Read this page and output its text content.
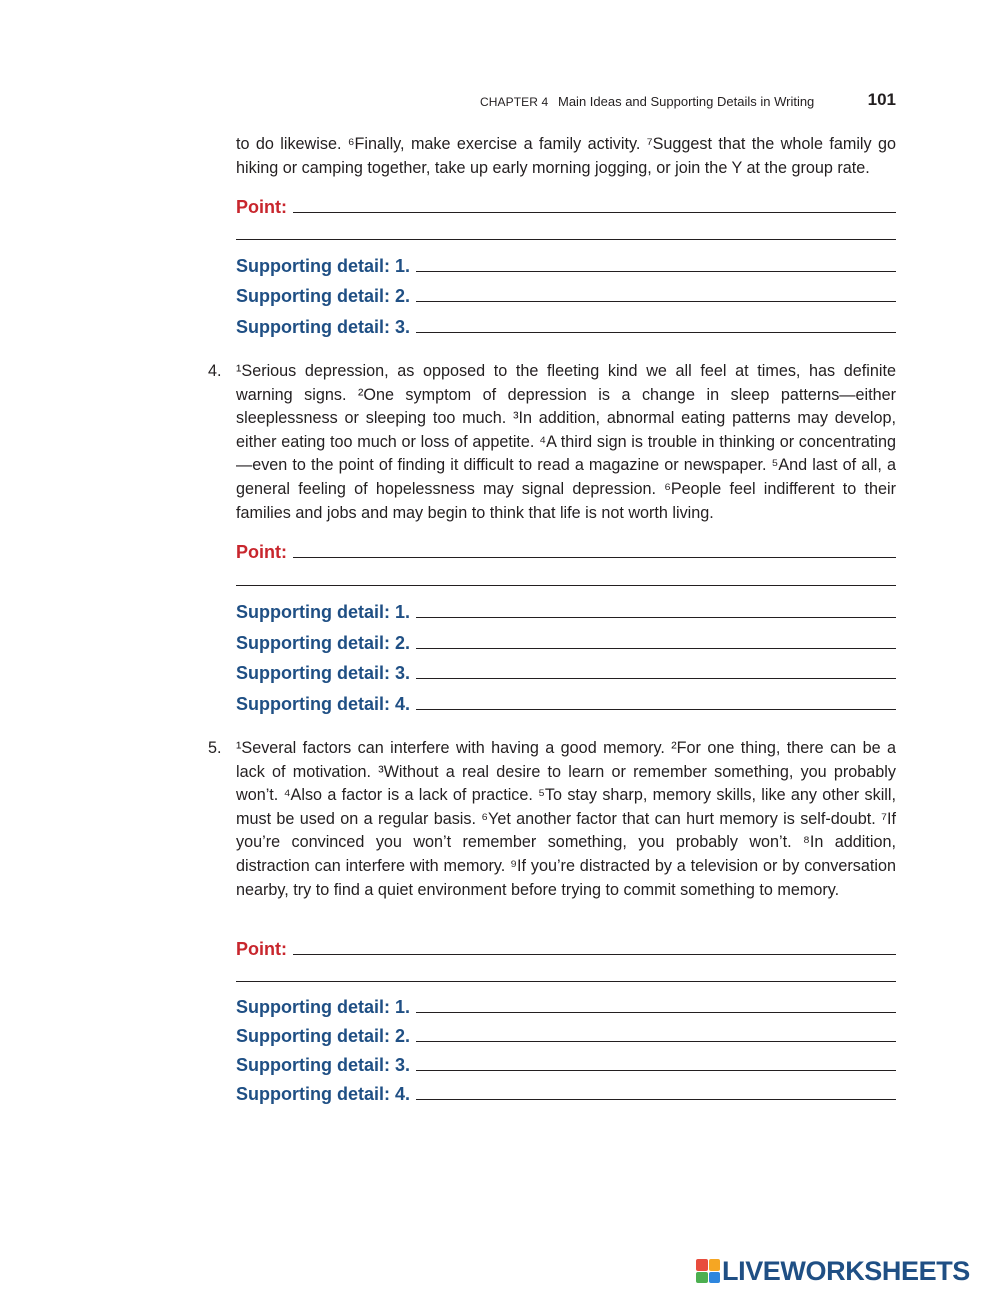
CHAPTER 4 Main Ideas and Supporting Details in Writing	101

to do likewise. ⁶Finally, make exercise a family activity. ⁷Suggest that the whole family go hiking or camping together, take up early morning jogging, or join the Y at the group rate.

Point:
Supporting detail: 1.
Supporting detail: 2.
Supporting detail: 3.
4. ¹Serious depression, as opposed to the fleeting kind we all feel at times, has definite warning signs. ²One symptom of depression is a change in sleep patterns—either sleeplessness or sleeping too much. ³In addition, abnormal eating patterns may develop, either eating too much or loss of appetite. ⁴A third sign is trouble in thinking or concentrating—even to the point of finding it difficult to read a magazine or newspaper. ⁵And last of all, a general feeling of hopelessness may signal depression. ⁶People feel indifferent to their families and jobs and may begin to think that life is not worth living.

Point:
Supporting detail: 1.
Supporting detail: 2.
Supporting detail: 3.
Supporting detail: 4.
5. ¹Several factors can interfere with having a good memory. ²For one thing, there can be a lack of motivation. ³Without a real desire to learn or remember something, you probably won’t. ⁴Also a factor is a lack of practice. ⁵To stay sharp, memory skills, like any other skill, must be used on a regular basis. ⁶Yet another factor that can hurt memory is self-doubt. ⁷If you’re convinced you won’t remember something, you probably won’t. ⁸In addition, distraction can interfere with memory. ⁹If you’re distracted by a television or by conversation nearby, try to find a quiet environment before trying to commit something to memory.

Point:
Supporting detail: 1.
Supporting detail: 2.
Supporting detail: 3.
Supporting detail: 4.
LIVEWORKSHEETS
